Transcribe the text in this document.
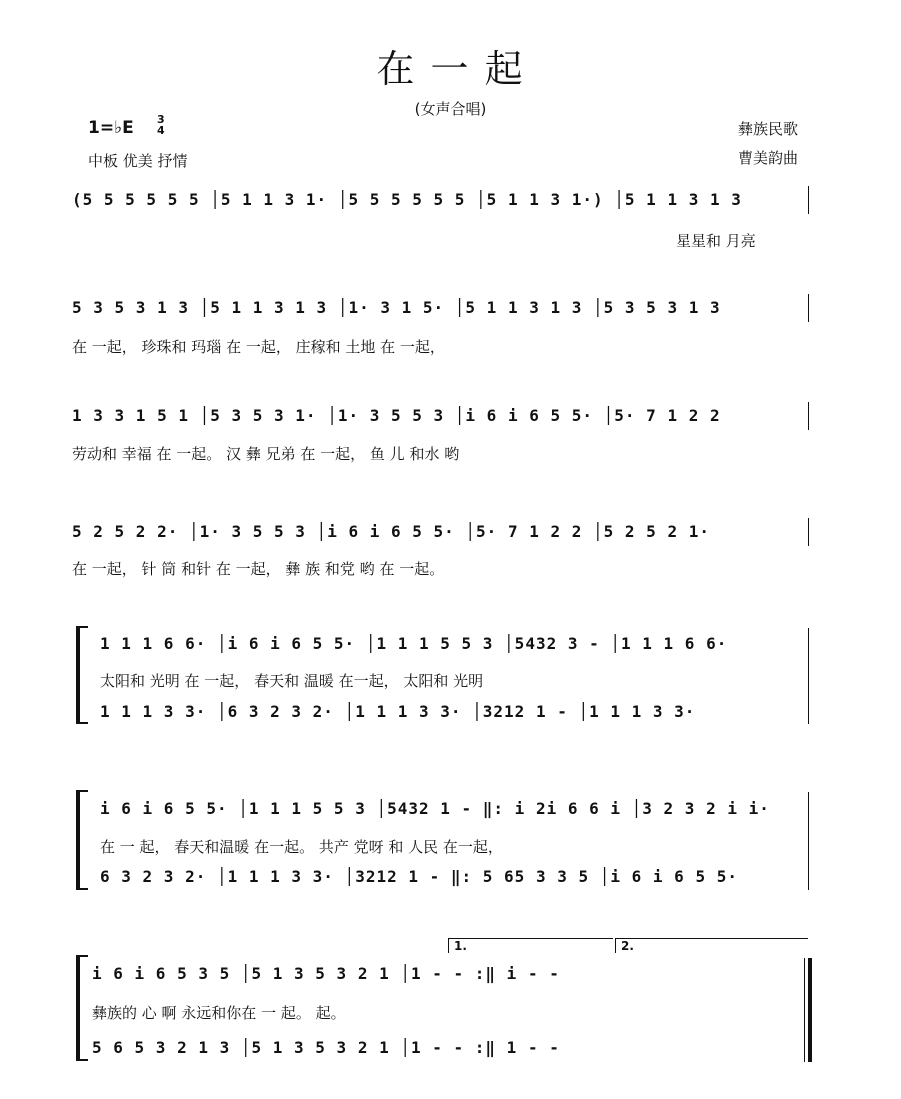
在 一 起
(女声合唱)
1=♭E 3
4
中板 优美 抒情
彝族民歌
曹美韵曲
(5 5 5 5 5 5 │5 1 1 3 1· │5 5 5 5 5 5 │5 1 1 3 1·) │5 1 1 3 1 3
星星和 月亮
5 3 5 3 1 3 │5 1 1 3 1 3 │1· 3 1 5· │5 1 1 3 1 3 │5 3 5 3 1 3
在 一起， 珍珠和 玛瑙 在 一起， 庄稼和 土地 在 一起，
1 3 3 1 5 1 │5 3 5 3 1· │1· 3 5 5 3 │i 6 i 6 5 5· │5· 7 1 2 2
劳动和 幸福 在 一起。 汉 彝 兄弟 在 一起， 鱼 儿 和水 哟
5 2 5 2 2· │1· 3 5 5 3 │i 6 i 6 5 5· │5· 7 1 2 2 │5 2 5 2 1·
在 一起， 针 筒 和针 在 一起， 彝 族 和党 哟 在 一起。
1 1 1 6 6· │i 6 i 6 5 5· │1 1 1 5 5 3 │5432 3 - │1 1 1 6 6·
太阳和 光明 在 一起， 春天和 温暖 在一起， 太阳和 光明
1 1 1 3 3· │6 3 2 3 2· │1 1 1 3 3· │3212 1 - │1 1 1 3 3·
i 6 i 6 5 5· │1 1 1 5 5 3 │5432 1 - ‖: i 2i 6 6 i │3 2 3 2 i i·
在 一 起， 春天和温暖 在一起。 共产 党呀 和 人民 在一起，
6 3 2 3 2· │1 1 1 3 3· │3212 1 - ‖: 5 65 3 3 5 │i 6 i 6 5 5·
1.	2.
i 6 i 6 5 3 5 │5 1 3 5 3 2 1 │1 - - :‖ i - -
彝族的 心 啊 永远和你在 一 起。 起。
5 6 5 3 2 1 3 │5 1 3 5 3 2 1 │1 - - :‖ 1 - -
